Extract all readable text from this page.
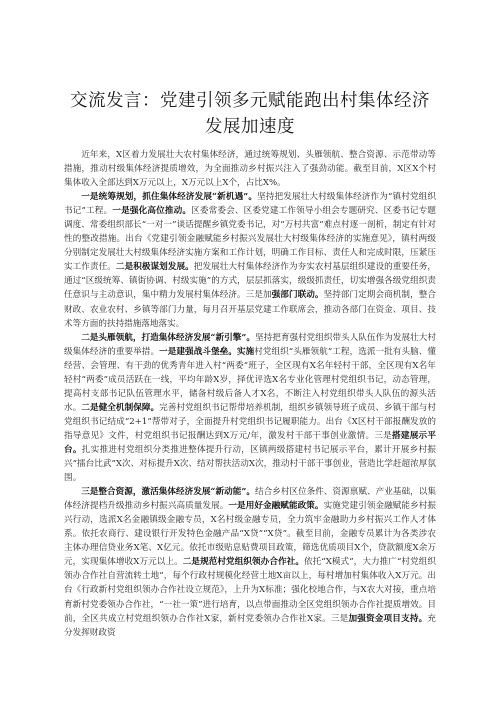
交流发言：党建引领多元赋能跑出村集体经济
发展加速度

近年来，X区着力发展壮大农村集体经济，通过统筹规划、头雁领航、整合资源、示范带动等措施，推动村级集体经济提质增效，为全面推动乡村振兴注入了强劲动能。截至目前，X区X个村集体收入全部达到X万元以上，X万元以上X个，占比X%。

一是统筹规划，抓住集体经济发展“新机遇”。坚持把发展壮大村级集体经济作为“镇村党组织书记”工程。一是强化高位推动。区委常委会、区委党建工作领导小组会专题研究、区委书记专题调度、常委组织部长“一对一”谈话提醒乡镇党委书记，对“万村共富”难点村逐一剖析，制定有针对性的整改措施。出台《党建引领金融赋能乡村振兴发展壮大村级集体经济的实施意见》，镇村两级分别制定发展壮大村级集体经济实施方案和工作计划，明确工作目标、责任人和完成时限，压紧压实工作责任。二是积极谋划发展。把发展壮大村集体经济作为夯实农村基层组织建设的重要任务，通过“区级统筹、镇街协调、村级实施”的方式，层层抓落实，级级抓责任，切实增强各级党组织责任意识与主动意识，集中精力发展村集体经济。三是加强部门联动。坚持部门定期会商机制，整合财政、农业农村、乡镇等部门力量，每月召开基层党建工作联席会，推动各部门在资金、项目、技术等方面的扶持措施落地落实。

二是头雁领航，打造集体经济发展“新引擎”。坚持把育强村党组织带头人队伍作为发展壮大村级集体经济的重要举措。一是建强战斗堡垒。实施村党组织“头雁领航”工程，选派一批有头脑、懂经营、会管理、有干劲的优秀青年进入村“两委”班子，全区现有X名年轻村干部，全区现有X名年轻村“两委”成员活跃在一线，平均年龄X岁，择优评选X名专业化管理村党组织书记，动态管理，提高村支部书记队伍管理水平，储备村级后备人才X名，不断注入村党组织带头人队伍的源头活水。二是健全机制保障。完善村党组织书记帮带培养机制，组织乡镇领导班子成员、乡镇干部与村党组织书记结成“2+1”帮带对子，全面提升村党组织书记履职能力。出台《X区村干部报酬发放的指导意见》文件，村党组织书记报酬达到X万元/年，激发村干部干事创业激情。三是搭建展示平台。扎实推进村党组织分类推进整体提升行动，区镇两级搭建村书记展示平台，累计开展乡村振兴“擂台比武”X次、对标提升X次、结对帮扶活动X次，推动村干部干事创业，营造比学赶超浓厚氛围。

三是整合资源，激活集体经济发展“新动能”。结合乡村区位条件、资源禀赋、产业基础，以集体经济提档升级推动乡村振兴高质量发展。一是用好金融赋能政策。实施党建引领金融赋能乡村振兴行动，选派X名金融镇级金融专员，X名村级金融专员，全力筑牢金融助力乡村振兴工作人才体系。依托农商行、建设银行开发特色金融产品“X贷”“X贷”。截至目前，金融专员累计为各类涉农主体办理信贷业务X笔、X亿元。依托市级贴息贴费项目政策，筛选优质项目X个，贷款额度X余万元，实现集体增收X万元以上。二是规范村党组织领办合作社。依托“X模式”，大力推广“村党组织领办合作社自营流转土地”，每个行政村规模化经营土地X亩以上，每村增加村集体收入X万元。出台《行政新村党组织领办合作社设立规范》，上升为X标准；强化校地合作，与X农大对接，重点培育新村党委领办合作社，“一社一策”进行培育，以点带面推动全区党组织领办合作社提质增效。目前，全区共成立村党组织领办合作社X家，新村党委领办合作社X家。三是加强资金项目支持。充分发挥财政资
